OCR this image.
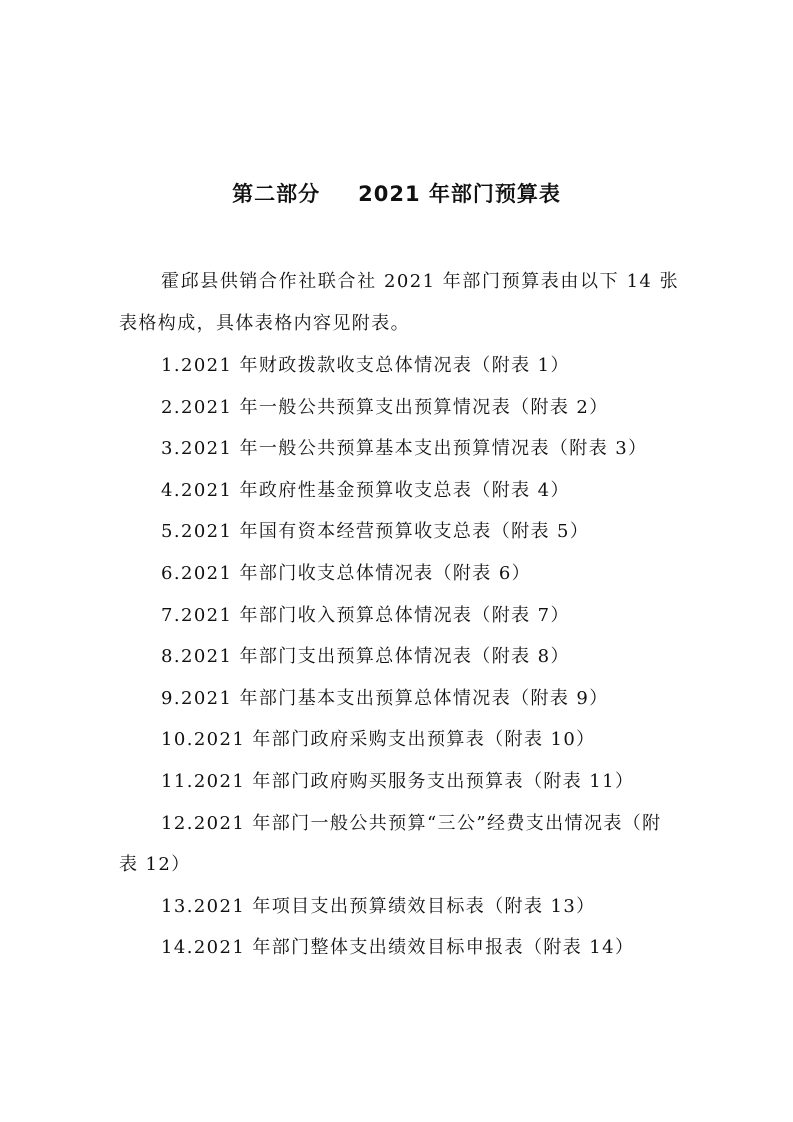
第二部分 2021 年部门预算表

霍邱县供销合作社联合社 2021 年部门预算表由以下 14 张表格构成，具体表格内容见附表。

1.2021 年财政拨款收支总体情况表（附表 1）
2.2021 年一般公共预算支出预算情况表（附表 2）
3.2021 年一般公共预算基本支出预算情况表（附表 3）
4.2021 年政府性基金预算收支总表（附表 4）
5.2021 年国有资本经营预算收支总表（附表 5）
6.2021 年部门收支总体情况表（附表 6）
7.2021 年部门收入预算总体情况表（附表 7）
8.2021 年部门支出预算总体情况表（附表 8）
9.2021 年部门基本支出预算总体情况表（附表 9）
10.2021 年部门政府采购支出预算表（附表 10）
11.2021 年部门政府购买服务支出预算表（附表 11）
12.2021 年部门一般公共预算“三公”经费支出情况表（附表 12）
13.2021 年项目支出预算绩效目标表（附表 13）
14.2021 年部门整体支出绩效目标申报表（附表 14）
